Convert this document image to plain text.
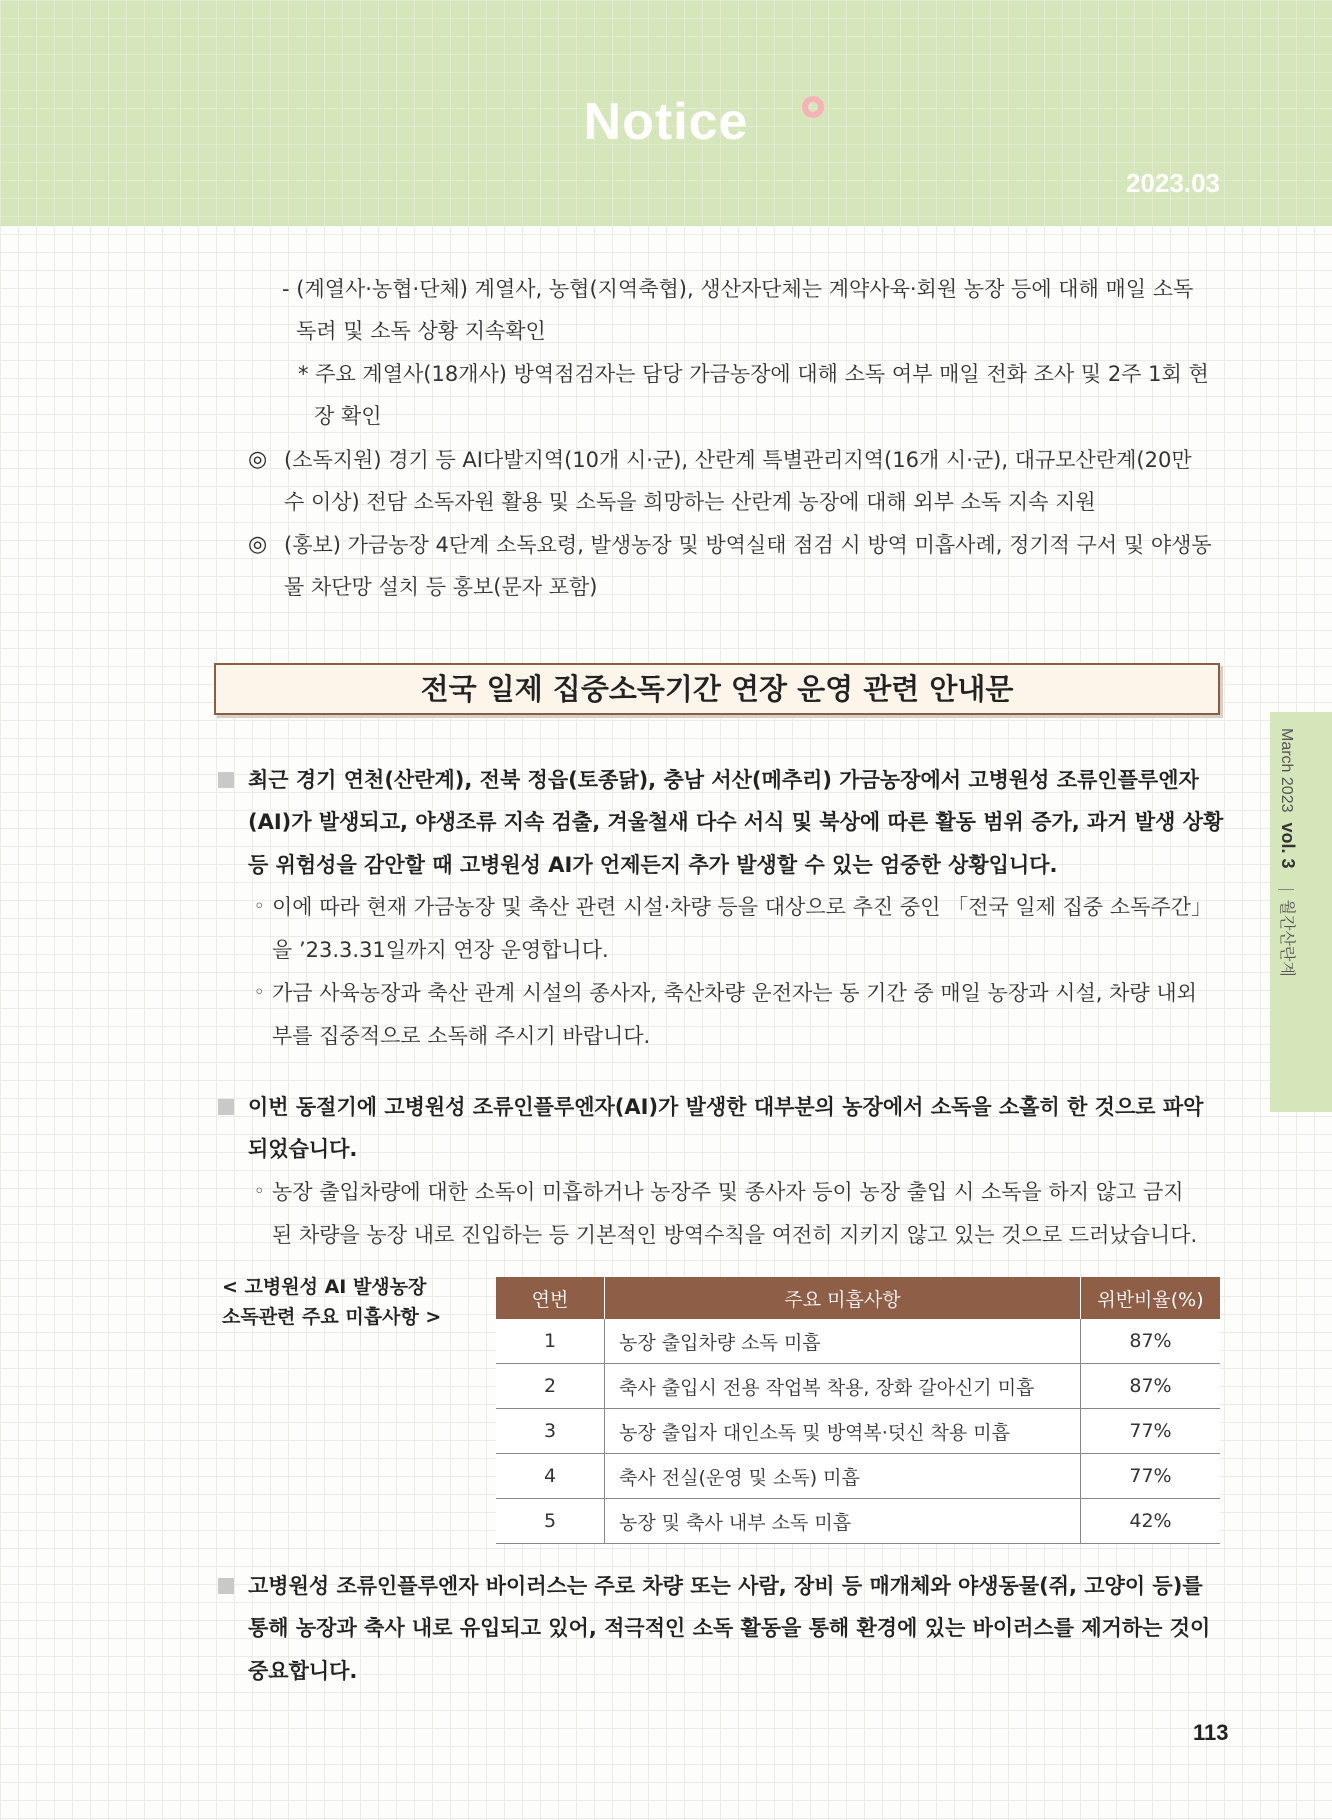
Notice
2023.03
March 2023vol. 3월간산란계
- (계열사·농협·단체) 계열사, 농협(지역축협), 생산자단체는 계약사육·회원 농장 등에 대해 매일 소독
독려 및 소독 상황 지속확인
* 주요 계열사(18개사) 방역점검자는 담당 가금농장에 대해 소독 여부 매일 전화 조사 및 2주 1회 현
장 확인
◎ (소독지원) 경기 등 AI다발지역(10개 시·군), 산란계 특별관리지역(16개 시·군), 대규모산란계(20만
수 이상) 전담 소독자원 활용 및 소독을 희망하는 산란계 농장에 대해 외부 소독 지속 지원
◎ (홍보) 가금농장 4단계 소독요령, 발생농장 및 방역실태 점검 시 방역 미흡사례, 정기적 구서 및 야생동
물 차단망 설치 등 홍보(문자 포함)
전국 일제 집중소독기간 연장 운영 관련 안내문
최근 경기 연천(산란계), 전북 정읍(토종닭), 충남 서산(메추리) 가금농장에서 고병원성 조류인플루엔자
(AI)가 발생되고, 야생조류 지속 검출, 겨울철새 다수 서식 및 북상에 따른 활동 범위 증가, 과거 발생 상황
등 위험성을 감안할 때 고병원성 AI가 언제든지 추가 발생할 수 있는 엄중한 상황입니다.
◦ 이에 따라 현재 가금농장 및 축산 관련 시설·차량 등을 대상으로 추진 중인 「전국 일제 집중 소독주간」
을 ’23.3.31일까지 연장 운영합니다.
◦ 가금 사육농장과 축산 관계 시설의 종사자, 축산차량 운전자는 동 기간 중 매일 농장과 시설, 차량 내외
부를 집중적으로 소독해 주시기 바랍니다.
이번 동절기에 고병원성 조류인플루엔자(AI)가 발생한 대부분의 농장에서 소독을 소홀히 한 것으로 파악
되었습니다.
◦ 농장 출입차량에 대한 소독이 미흡하거나 농장주 및 종사자 등이 농장 출입 시 소독을 하지 않고 금지
된 차량을 농장 내로 진입하는 등 기본적인 방역수칙을 여전히 지키지 않고 있는 것으로 드러났습니다.
< 고병원성 AI 발생농장
소독관련 주요 미흡사항 >
연번	주요 미흡사항	위반비율(%)
1	농장 출입차량 소독 미흡	87%
2	축사 출입시 전용 작업복 착용, 장화 갈아신기 미흡	87%
3	농장 출입자 대인소독 및 방역복·덧신 착용 미흡	77%
4	축사 전실(운영 및 소독) 미흡	77%
5	농장 및 축사 내부 소독 미흡	42%
고병원성 조류인플루엔자 바이러스는 주로 차량 또는 사람, 장비 등 매개체와 야생동물(쥐, 고양이 등)를
통해 농장과 축사 내로 유입되고 있어, 적극적인 소독 활동을 통해 환경에 있는 바이러스를 제거하는 것이
중요합니다.
113
